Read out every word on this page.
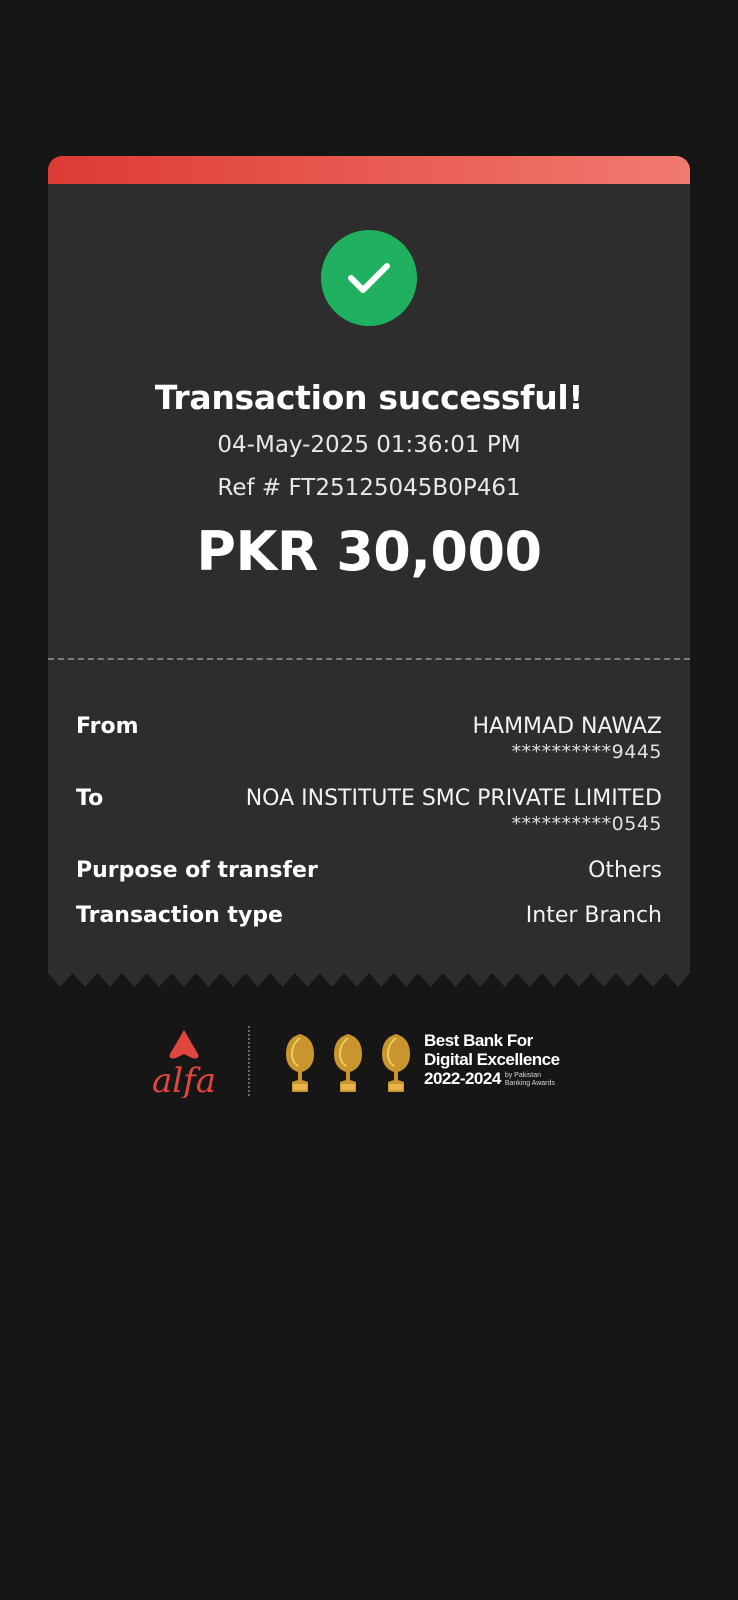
Transaction successful!
04-May-2025 01:36:01 PM
Ref # FT25125045B0P461
PKR 30,000
From	HAMMAD NAWAZ
**********9445
To	NOA INSTITUTE SMC PRIVATE LIMITED
**********0545
Purpose of transfer	Others
Transaction type	Inter Branch
alfa
Best Bank For
Digital Excellence
2022-2024 by Pakistan
Banking Awards
